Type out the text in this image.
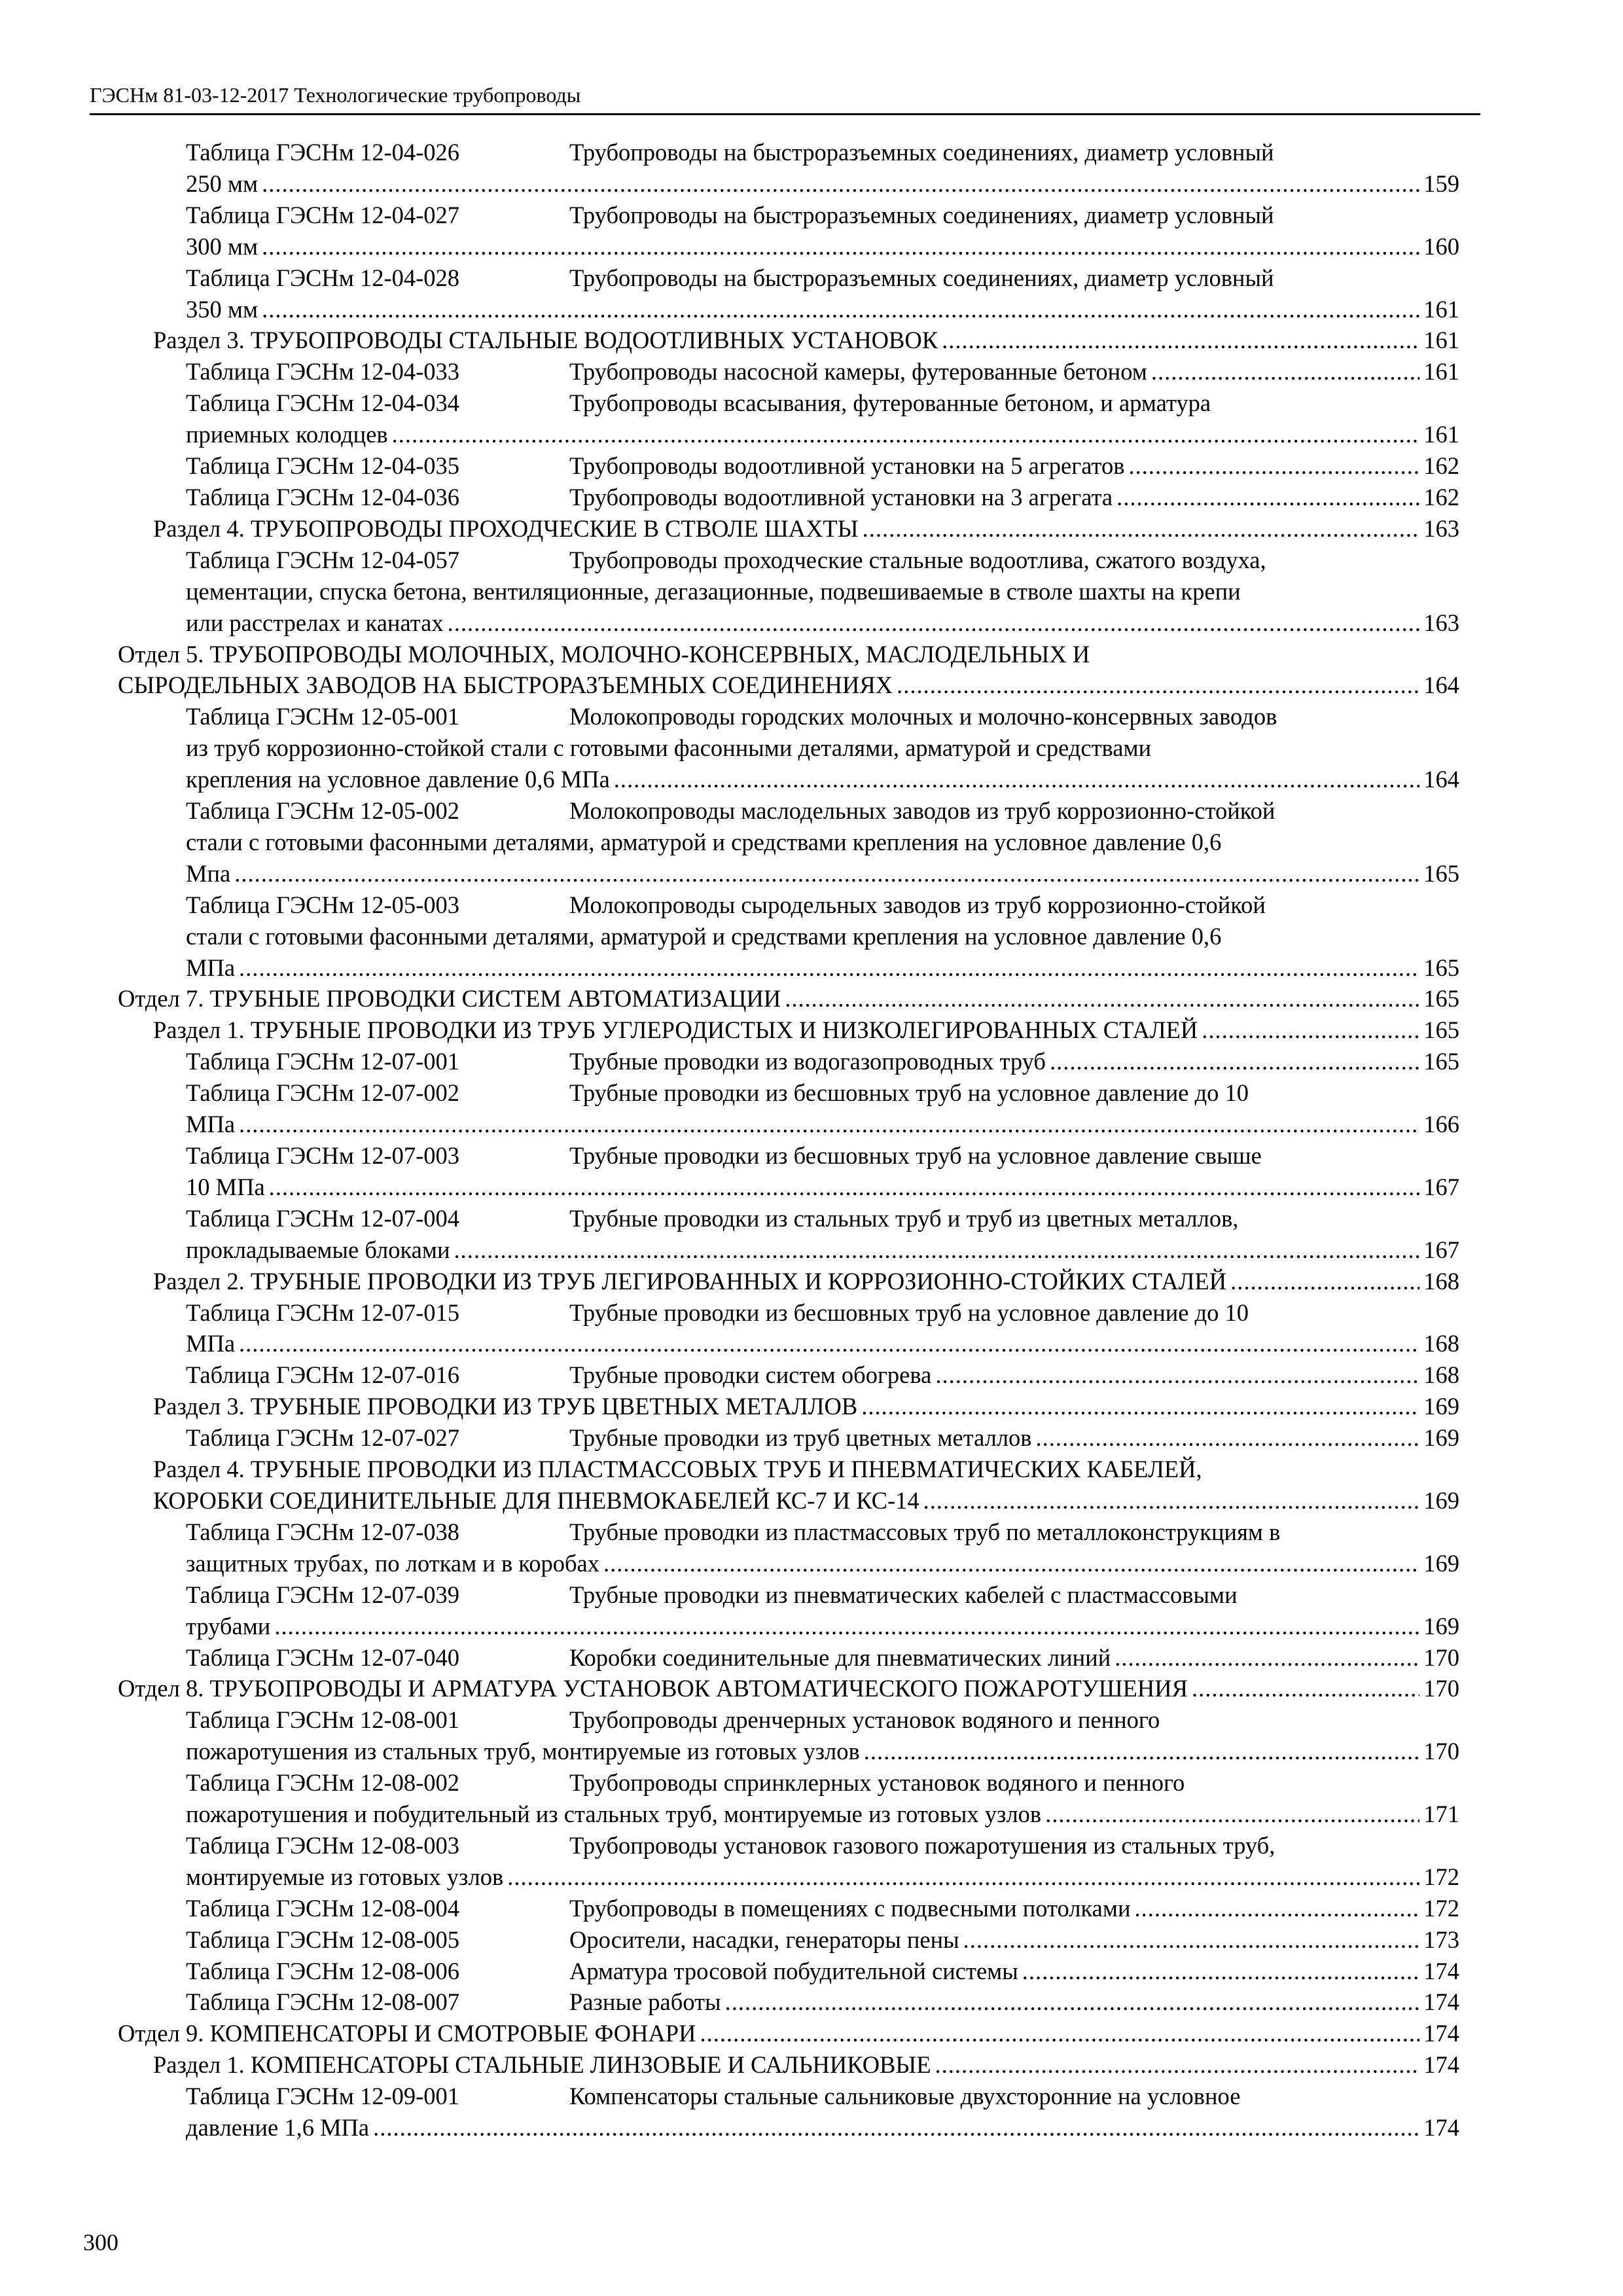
ГЭСНм 81-03-12-2017 Технологические трубопроводы
Таблица ГЭСНм 12-04-026	Трубопроводы на быстроразъемных соединениях, диаметр условный
250 мм .....	159
Таблица ГЭСНм 12-04-027	Трубопроводы на быстроразъемных соединениях, диаметр условный
300 мм .....	160
Таблица ГЭСНм 12-04-028	Трубопроводы на быстроразъемных соединениях, диаметр условный
350 мм .....	161
Раздел 3. ТРУБОПРОВОДЫ СТАЛЬНЫЕ ВОДООТЛИВНЫХ УСТАНОВОК .....	161
Таблица ГЭСНм 12-04-033	Трубопроводы насосной камеры, футерованные бетоном .....	161
Таблица ГЭСНм 12-04-034	Трубопроводы всасывания, футерованные бетоном, и арматура
приемных колодцев .....	161
Таблица ГЭСНм 12-04-035	Трубопроводы водоотливной установки на 5 агрегатов .....	162
Таблица ГЭСНм 12-04-036	Трубопроводы водоотливной установки на 3 агрегата .....	162
Раздел 4. ТРУБОПРОВОДЫ ПРОХОДЧЕСКИЕ В СТВОЛЕ ШАХТЫ .....	163
Таблица ГЭСНм 12-04-057	Трубопроводы проходческие стальные водоотлива, сжатого воздуха,
цементации, спуска бетона, вентиляционные, дегазационные, подвешиваемые в стволе шахты на крепи
или расстрелах и канатах .....	163
Отдел 5. ТРУБОПРОВОДЫ МОЛОЧНЫХ, МОЛОЧНО-КОНСЕРВНЫХ, МАСЛОДЕЛЬНЫХ И
СЫРОДЕЛЬНЫХ ЗАВОДОВ НА БЫСТРОРАЗЪЕМНЫХ СОЕДИНЕНИЯХ .....	164
Таблица ГЭСНм 12-05-001	Молокопроводы городских молочных и молочно-консервных заводов
из труб коррозионно-стойкой стали с готовыми фасонными деталями, арматурой и средствами
крепления на условное давление 0,6 МПа .....	164
Таблица ГЭСНм 12-05-002	Молокопроводы маслодельных заводов из труб коррозионно-стойкой
стали с готовыми фасонными деталями, арматурой и средствами крепления на условное давление 0,6
Мпа .....	165
Таблица ГЭСНм 12-05-003	Молокопроводы сыродельных заводов из труб коррозионно-стойкой
стали с готовыми фасонными деталями, арматурой и средствами крепления на условное давление 0,6
МПа .....	165
Отдел 7. ТРУБНЫЕ ПРОВОДКИ СИСТЕМ АВТОМАТИЗАЦИИ .....	165
Раздел 1. ТРУБНЫЕ ПРОВОДКИ ИЗ ТРУБ УГЛЕРОДИСТЫХ И НИЗКОЛЕГИРОВАННЫХ СТАЛЕЙ .....	165
Таблица ГЭСНм 12-07-001	Трубные проводки из водогазопроводных труб .....	165
Таблица ГЭСНм 12-07-002	Трубные проводки из бесшовных труб на условное давление до 10
МПа .....	166
Таблица ГЭСНм 12-07-003	Трубные проводки из бесшовных труб на условное давление свыше
10 МПа .....	167
Таблица ГЭСНм 12-07-004	Трубные проводки из стальных труб и труб из цветных металлов,
прокладываемые блоками .....	167
Раздел 2. ТРУБНЫЕ ПРОВОДКИ ИЗ ТРУБ ЛЕГИРОВАННЫХ И КОРРОЗИОННО-СТОЙКИХ СТАЛЕЙ .....	168
Таблица ГЭСНм 12-07-015	Трубные проводки из бесшовных труб на условное давление до 10
МПа .....	168
Таблица ГЭСНм 12-07-016	Трубные проводки систем обогрева .....	168
Раздел 3. ТРУБНЫЕ ПРОВОДКИ ИЗ ТРУБ ЦВЕТНЫХ МЕТАЛЛОВ .....	169
Таблица ГЭСНм 12-07-027	Трубные проводки из труб цветных металлов .....	169
Раздел 4. ТРУБНЫЕ ПРОВОДКИ ИЗ ПЛАСТМАССОВЫХ ТРУБ И ПНЕВМАТИЧЕСКИХ КАБЕЛЕЙ,
КОРОБКИ СОЕДИНИТЕЛЬНЫЕ ДЛЯ ПНЕВМОКАБЕЛЕЙ КС-7 И КС-14 .....	169
Таблица ГЭСНм 12-07-038	Трубные проводки из пластмассовых труб по металлоконструкциям в
защитных трубах, по лоткам и в коробах .....	169
Таблица ГЭСНм 12-07-039	Трубные проводки из пневматических кабелей с пластмассовыми
трубами .....	169
Таблица ГЭСНм 12-07-040	Коробки соединительные для пневматических линий .....	170
Отдел 8. ТРУБОПРОВОДЫ И АРМАТУРА УСТАНОВОК АВТОМАТИЧЕСКОГО ПОЖАРОТУШЕНИЯ .....	170
Таблица ГЭСНм 12-08-001	Трубопроводы дренчерных установок водяного и пенного
пожаротушения из стальных труб, монтируемые из готовых узлов .....	170
Таблица ГЭСНм 12-08-002	Трубопроводы спринклерных установок водяного и пенного
пожаротушения и побудительный из стальных труб, монтируемые из готовых узлов .....	171
Таблица ГЭСНм 12-08-003	Трубопроводы установок газового пожаротушения из стальных труб,
монтируемые из готовых узлов .....	172
Таблица ГЭСНм 12-08-004	Трубопроводы в помещениях с подвесными потолками .....	172
Таблица ГЭСНм 12-08-005	Оросители, насадки, генераторы пены .....	173
Таблица ГЭСНм 12-08-006	Арматура тросовой побудительной системы .....	174
Таблица ГЭСНм 12-08-007	Разные работы .....	174
Отдел 9. КОМПЕНСАТОРЫ И СМОТРОВЫЕ ФОНАРИ .....	174
Раздел 1. КОМПЕНСАТОРЫ СТАЛЬНЫЕ ЛИНЗОВЫЕ И САЛЬНИКОВЫЕ .....	174
Таблица ГЭСНм 12-09-001	Компенсаторы стальные сальниковые двухсторонние на условное
давление 1,6 МПа .....	174
300
